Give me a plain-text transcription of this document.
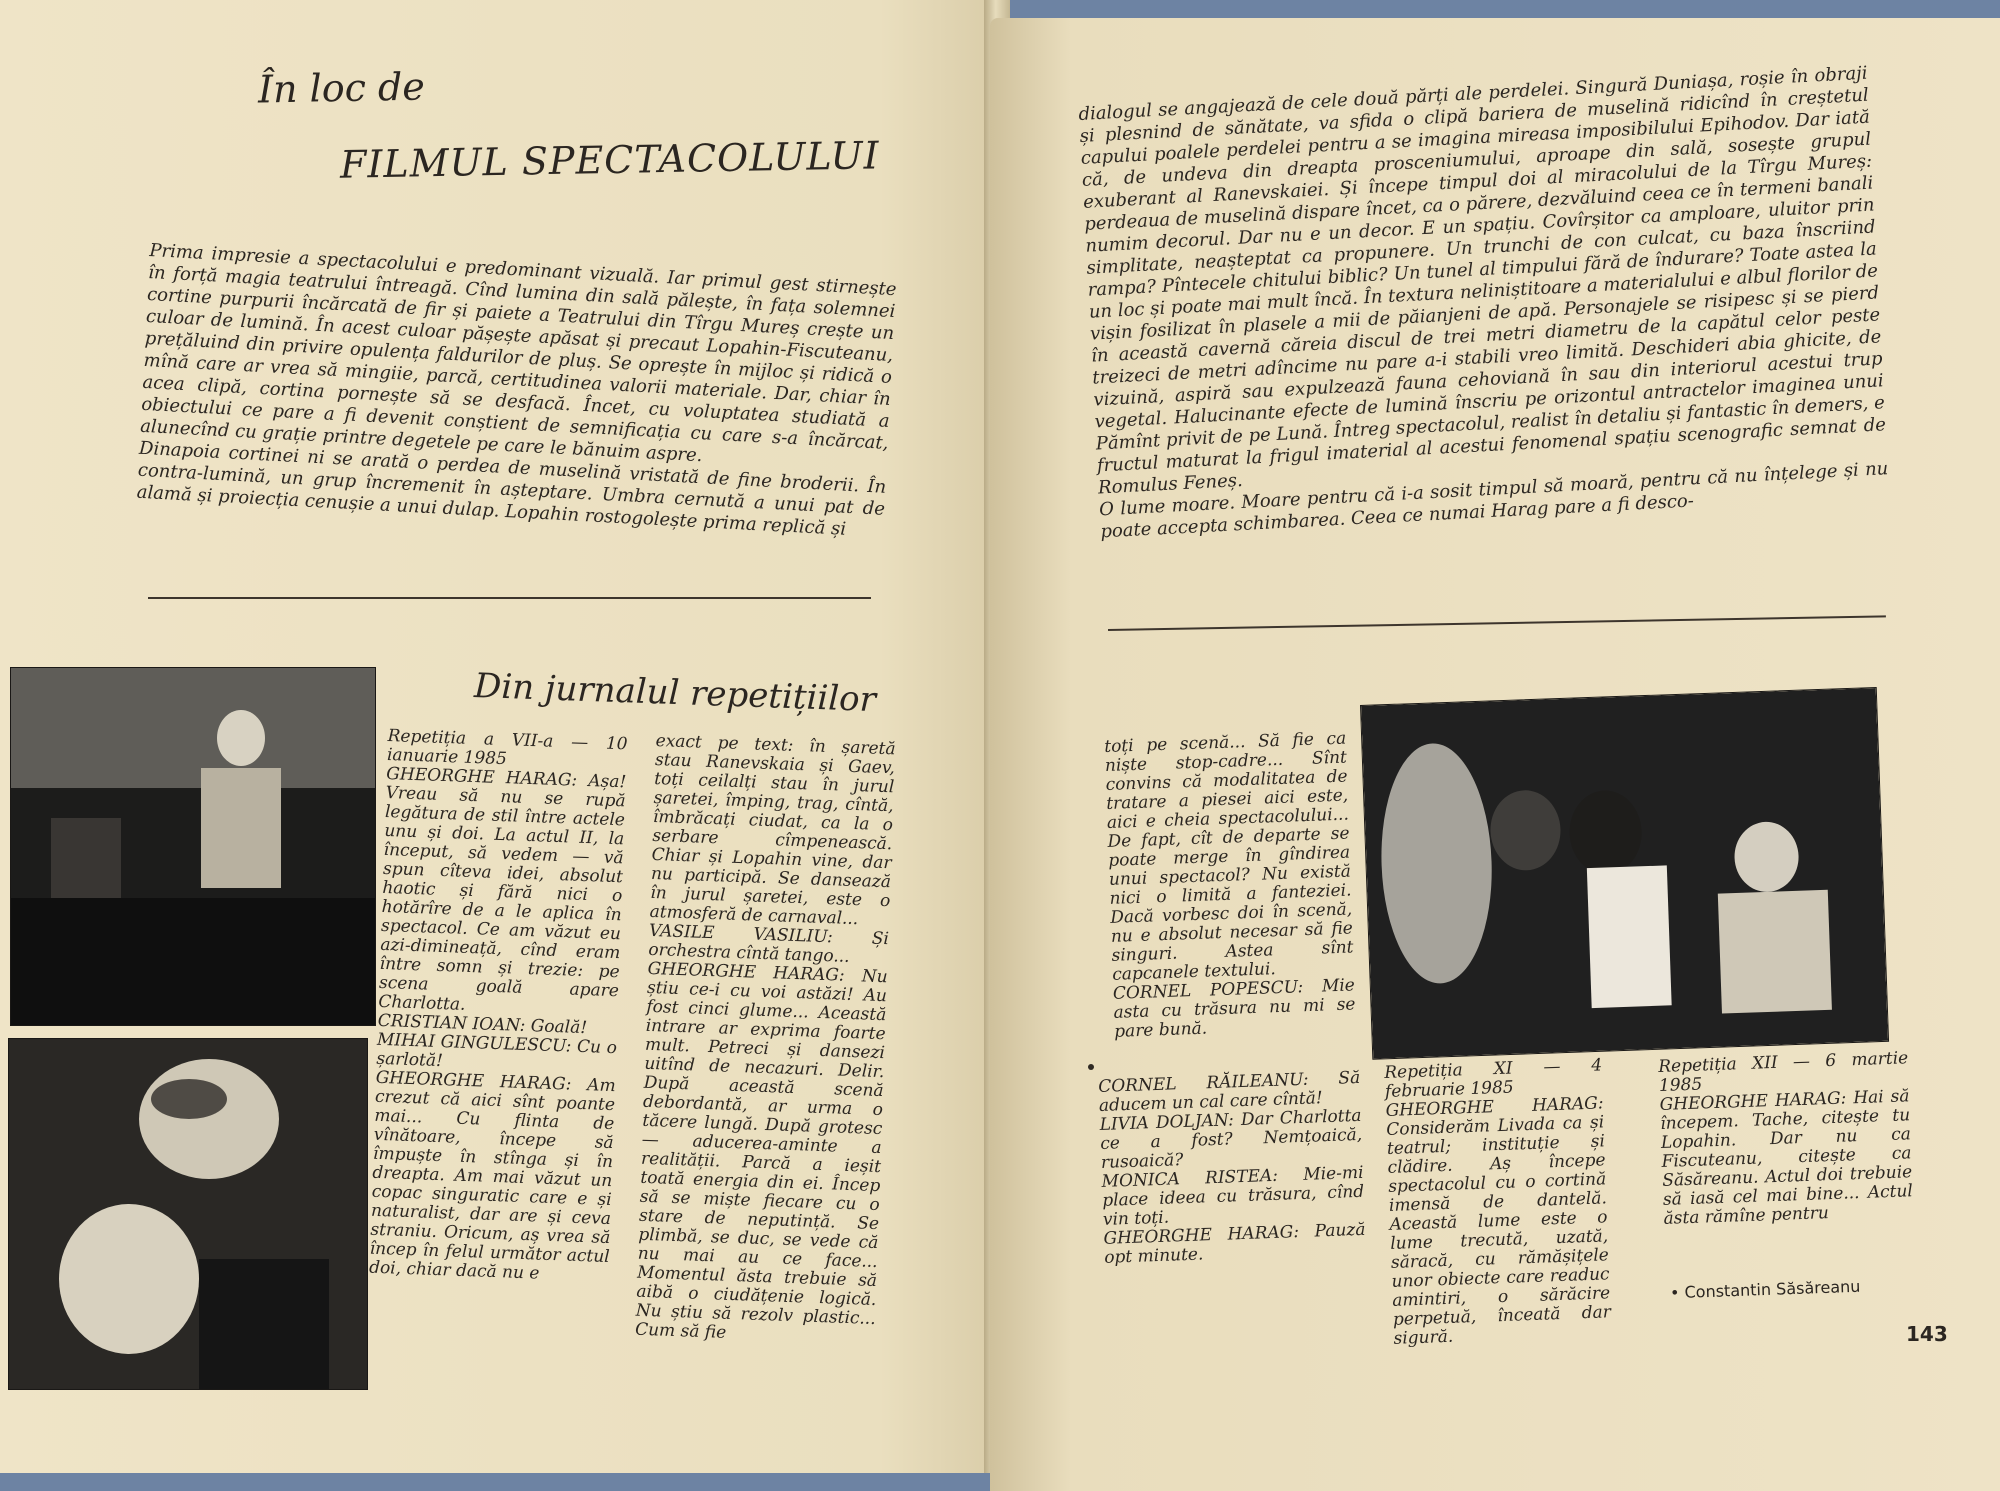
În loc de
FILMUL SPECTACOLULUI
Prima impresie a spectacolului e predominant vizuală. Iar primul gest stirnește în forță magia teatrului întreagă. Cînd lumina din sală pălește, în fața solemnei cortine purpurii încărcată de fir și paiete a Teatrului din Tîrgu Mureș crește un culoar de lumină. În acest culoar pășește apăsat și precaut Lopahin-Fiscuteanu, prețăluind din privire opulența faldurilor de pluș. Se oprește în mijloc și ridică o mînă care ar vrea să mingiie, parcă, certitudinea valorii materiale. Dar, chiar în acea clipă, cortina pornește să se desfacă. Încet, cu voluptatea studiată a obiectului ce pare a fi devenit conștient de semnificația cu care s-a încărcat, alunecînd cu grație printre degetele pe care le bănuim aspre.
Dinapoia cortinei ni se arată o perdea de muselină vristată de fine broderii. În contra-lumină, un grup încremenit în așteptare. Umbra cernută a unui pat de alamă și proiecția cenușie a unui dulap. Lopahin rostogolește prima replică și
Din jurnalul repetițiilor
Repetiția a VII-a — 10 ianuarie 1985
GHEORGHE HARAG: Așa! Vreau să nu se rupă legătura de stil între actele unu și doi. La actul II, la început, să vedem — vă spun cîteva idei, absolut haotic și fără nici o hotărîre de a le aplica în spectacol. Ce am văzut eu azi-dimineață, cînd eram între somn și trezie: pe scena goală apare Charlotta.
CRISTIAN IOAN: Goală!
MIHAI GINGULESCU: Cu o șarlotă!
GHEORGHE HARAG: Am crezut că aici sînt poante mai... Cu flinta de vînătoare, începe să împuște în stînga și în dreapta. Am mai văzut un copac singuratic care e și naturalist, dar are și ceva straniu. Oricum, aș vrea să încep în felul următor actul doi, chiar dacă nu e
exact pe text: în șaretă stau Ranevskaia și Gaev, toți ceilalți stau în jurul șaretei, împing, trag, cîntă, îmbrăcați ciudat, ca la o serbare cîmpenească. Chiar și Lopahin vine, dar nu participă. Se dansează în jurul șaretei, este o atmosferă de carnaval...
VASILE VASILIU: Și orchestra cîntă tango...
GHEORGHE HARAG: Nu știu ce-i cu voi astăzi! Au fost cinci glume... Această intrare ar exprima foarte mult. Petreci și dansezi uitînd de necazuri. Delir. După această scenă debordantă, ar urma o tăcere lungă. După grotesc — aducerea-aminte a realității. Parcă a ieșit toată energia din ei. Încep să se miște fiecare cu o stare de neputință. Se plimbă, se duc, se vede că nu mai au ce face... Momentul ăsta trebuie să aibă o ciudățenie logică. Nu știu să rezolv plastic... Cum să fie
dialogul se angajează de cele două părți ale perdelei. Singură Duniașa, roșie în obraji și plesnind de sănătate, va sfida o clipă bariera de muselină ridicînd în creștetul capului poalele perdelei pentru a se imagina mireasa imposibilului Epihodov. Dar iată că, de undeva din dreapta prosceniumului, aproape din sală, sosește grupul exuberant al Ranevskaiei. Și începe timpul doi al miracolului de la Tîrgu Mureș: perdeaua de muselină dispare încet, ca o părere, dezvăluind ceea ce în termeni banali numim decorul. Dar nu e un decor. E un spațiu. Covîrșitor ca amploare, uluitor prin simplitate, neașteptat ca propunere. Un trunchi de con culcat, cu baza înscriind rampa? Pîntecele chitului biblic? Un tunel al timpului fără de îndurare? Toate astea la un loc și poate mai mult încă. În textura neliniștitoare a materialului e albul florilor de vișin fosilizat în plasele a mii de păianjeni de apă. Personajele se risipesc și se pierd în această cavernă căreia discul de trei metri diametru de la capătul celor peste treizeci de metri adîncime nu pare a-i stabili vreo limită. Deschideri abia ghicite, de vizuină, aspiră sau expulzează fauna cehoviană în sau din interiorul acestui trup vegetal. Halucinante efecte de lumină înscriu pe orizontul antractelor imaginea unui Pămînt privit de pe Lună. Întreg spectacolul, realist în detaliu și fantastic în demers, e fructul maturat la frigul imaterial al acestui fenomenal spațiu scenografic semnat de Romulus Feneș.
O lume moare. Moare pentru că i-a sosit timpul să moară, pentru că nu înțelege și nu poate accepta schimbarea. Ceea ce numai Harag pare a fi desco-
toți pe scenă... Să fie ca niște stop-cadre... Sînt convins că modalitatea de tratare a piesei aici este, aici e cheia spectacolului... De fapt, cît de departe se poate merge în gîndirea unui spectacol? Nu există nici o limită a fanteziei. Dacă vorbesc doi în scenă, nu e absolut necesar să fie singuri. Astea sînt capcanele textului.
CORNEL POPESCU: Mie asta cu trăsura nu mi se pare bună.
CORNEL RĂILEANU: Să aducem un cal care cîntă!
LIVIA DOLJAN: Dar Charlotta ce a fost? Nemțoaică, rusoaică?
MONICA RISTEA: Mie-mi place ideea cu trăsura, cînd vin toți.
GHEORGHE HARAG: Pauză opt minute.
Repetiția XI — 4 februarie 1985
GHEORGHE HARAG: Considerăm Livada ca și teatrul; instituție și clădire. Aș începe spectacolul cu o cortină imensă de dantelă. Această lume este o lume trecută, uzată, săracă, cu rămășițele unor obiecte care readuc amintiri, o sărăcire perpetuă, înceată dar sigură.
Repetiția XII — 6 martie 1985
GHEORGHE HARAG: Hai să începem. Tache, citește tu Lopahin. Dar nu ca Fiscuteanu, citește ca Săsăreanu. Actul doi trebuie să iasă cel mai bine... Actul ăsta rămîne pentru
• Constantin Săsăreanu
143
